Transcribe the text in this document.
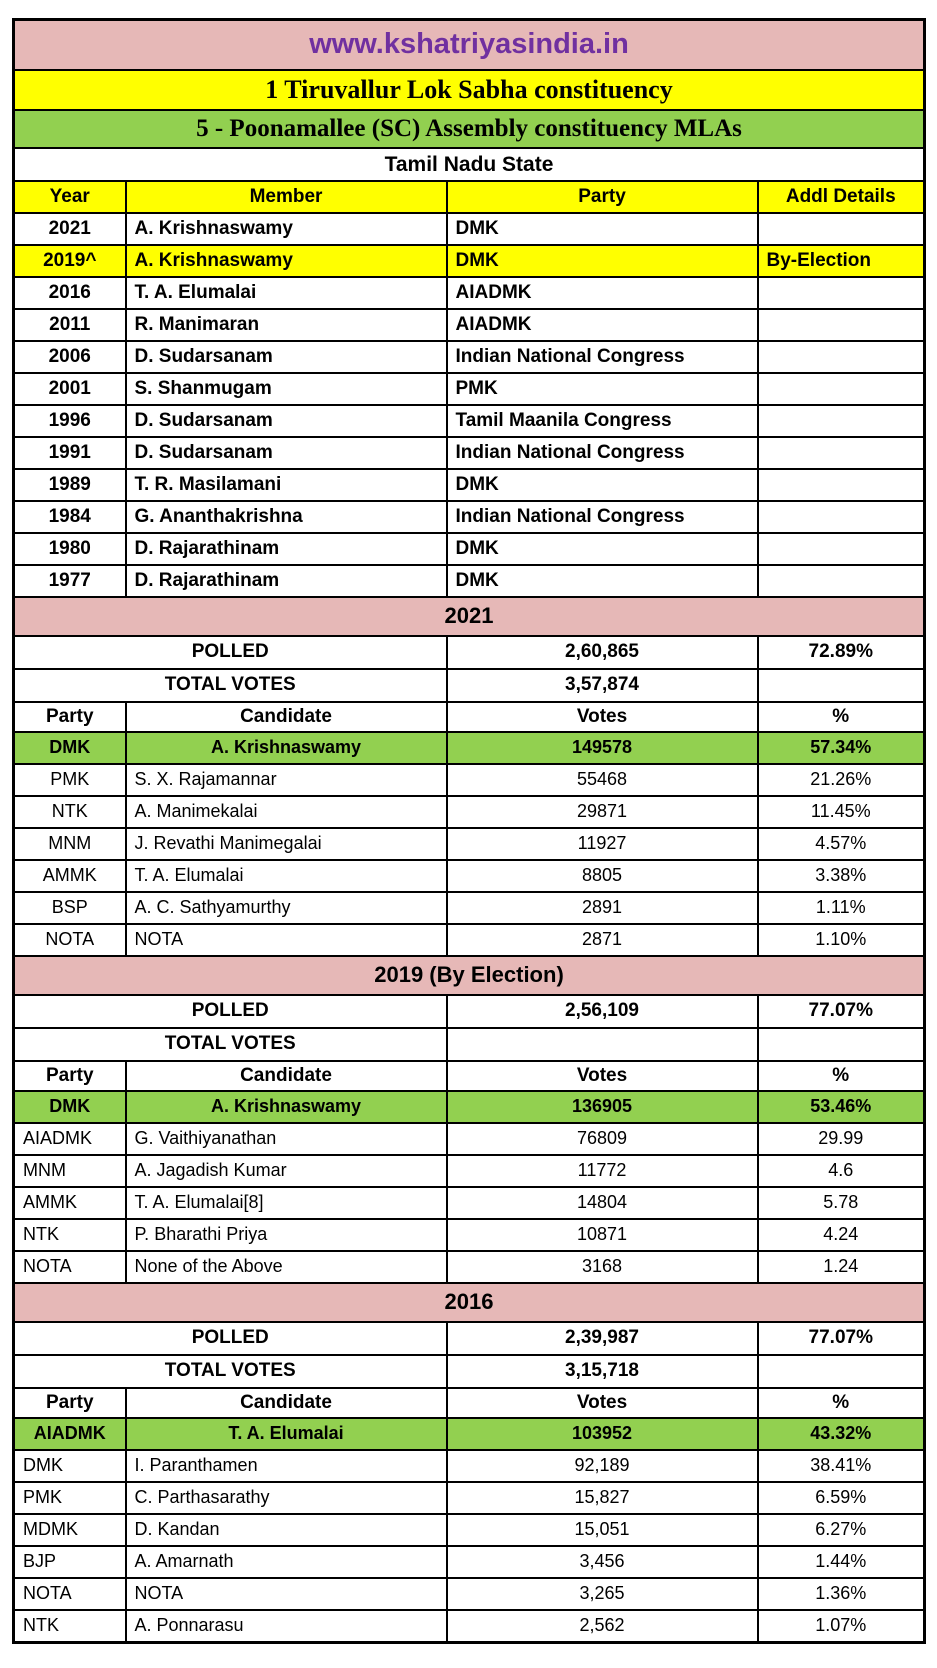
www.kshatriyasindia.in			
1 Tiruvallur Lok Sabha constituency			
5 - Poonamallee (SC) Assembly constituency MLAs			
Tamil Nadu State			
Year	Member	Party	Addl Details
2021	A. Krishnaswamy	DMK	
2019^	A. Krishnaswamy	DMK	By-Election
2016	T. A. Elumalai	AIADMK	
2011	R. Manimaran	AIADMK	
2006	D. Sudarsanam	Indian National Congress	
2001	S. Shanmugam	PMK	
1996	D. Sudarsanam	Tamil Maanila Congress	
1991	D. Sudarsanam	Indian National Congress	
1989	T. R. Masilamani	DMK	
1984	G. Ananthakrishna	Indian National Congress	
1980	D. Rajarathinam	DMK	
1977	D. Rajarathinam	DMK	
2021			
POLLED		2,60,865	72.89%
TOTAL VOTES		3,57,874	
Party	Candidate	Votes	%
DMK	A. Krishnaswamy	149578	57.34%
PMK	S. X. Rajamannar	55468	21.26%
NTK	A. Manimekalai	29871	11.45%
MNM	J. Revathi Manimegalai	11927	4.57%
AMMK	T. A. Elumalai	8805	3.38%
BSP	A. C. Sathyamurthy	2891	1.11%
NOTA	NOTA	2871	1.10%
2019 (By Election)			
POLLED		2,56,109	77.07%
TOTAL VOTES			
Party	Candidate	Votes	%
DMK	A. Krishnaswamy	136905	53.46%
AIADMK	G. Vaithiyanathan	76809	29.99
MNM	A. Jagadish Kumar	11772	4.6
AMMK	T. A. Elumalai[8]	14804	5.78
NTK	P. Bharathi Priya	10871	4.24
NOTA	None of the Above	3168	1.24
2016			
POLLED		2,39,987	77.07%
TOTAL VOTES		3,15,718	
Party	Candidate	Votes	%
AIADMK	T. A. Elumalai	103952	43.32%
DMK	I. Paranthamen	92,189	38.41%
PMK	C. Parthasarathy	15,827	6.59%
MDMK	D. Kandan	15,051	6.27%
BJP	A. Amarnath	3,456	1.44%
NOTA	NOTA	3,265	1.36%
NTK	A. Ponnarasu	2,562	1.07%
